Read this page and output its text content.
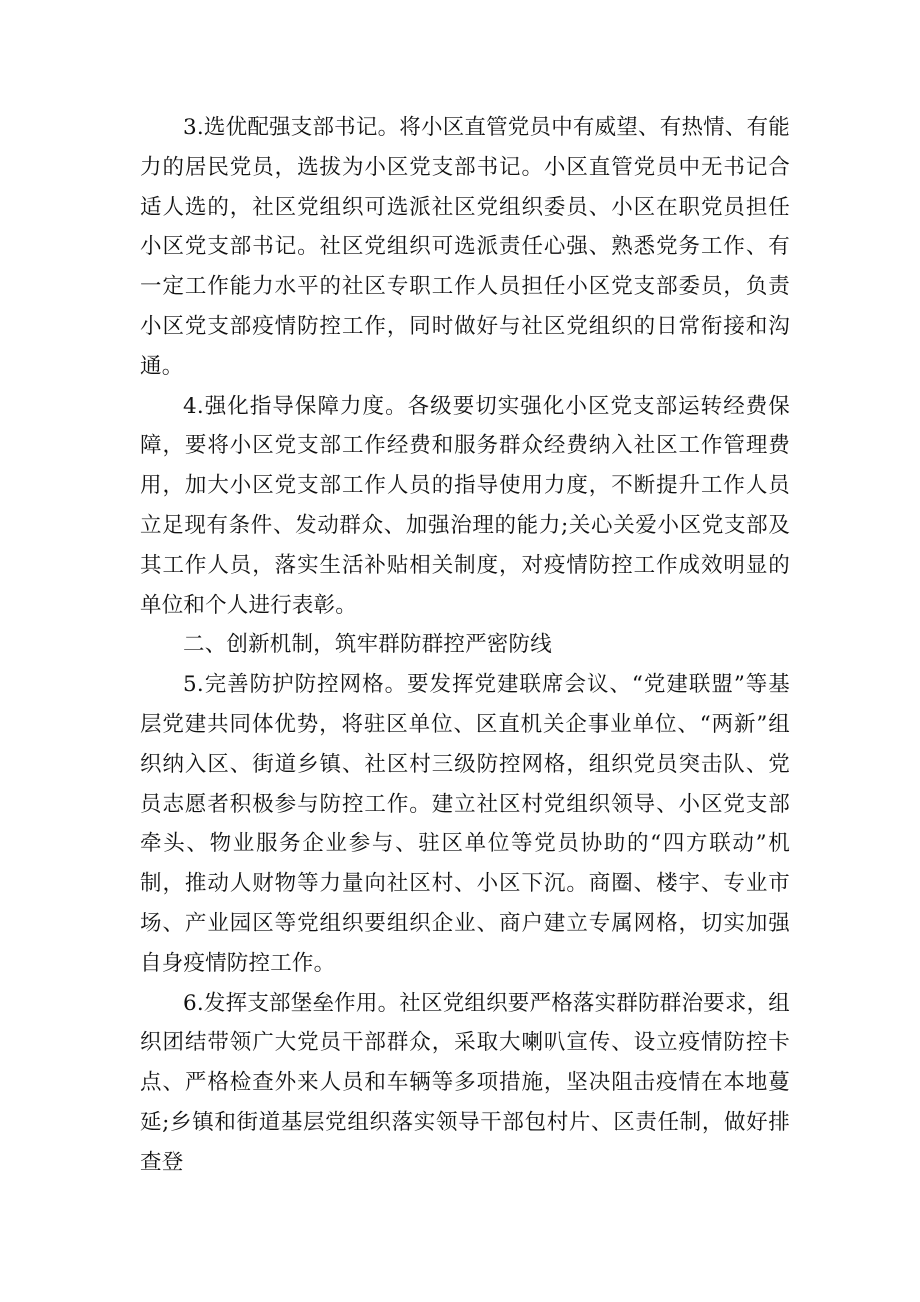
3.选优配强支部书记。将小区直管党员中有威望、有热情、有能力的居民党员，选拔为小区党支部书记。小区直管党员中无书记合适人选的，社区党组织可选派社区党组织委员、小区在职党员担任小区党支部书记。社区党组织可选派责任心强、熟悉党务工作、有一定工作能力水平的社区专职工作人员担任小区党支部委员，负责小区党支部疫情防控工作，同时做好与社区党组织的日常衔接和沟通。

4.强化指导保障力度。各级要切实强化小区党支部运转经费保障，要将小区党支部工作经费和服务群众经费纳入社区工作管理费用，加大小区党支部工作人员的指导使用力度，不断提升工作人员立足现有条件、发动群众、加强治理的能力;关心关爱小区党支部及其工作人员，落实生活补贴相关制度，对疫情防控工作成效明显的单位和个人进行表彰。

二、创新机制，筑牢群防群控严密防线

5.完善防护防控网格。要发挥党建联席会议、“党建联盟”等基层党建共同体优势，将驻区单位、区直机关企事业单位、“两新”组织纳入区、街道乡镇、社区村三级防控网格，组织党员突击队、党员志愿者积极参与防控工作。建立社区村党组织领导、小区党支部牵头、物业服务企业参与、驻区单位等党员协助的“四方联动”机制，推动人财物等力量向社区村、小区下沉。商圈、楼宇、专业市场、产业园区等党组织要组织企业、商户建立专属网格，切实加强自身疫情防控工作。

6.发挥支部堡垒作用。社区党组织要严格落实群防群治要求，组织团结带领广大党员干部群众，采取大喇叭宣传、设立疫情防控卡点、严格检查外来人员和车辆等多项措施，坚决阻击疫情在本地蔓延;乡镇和街道基层党组织落实领导干部包村片、区责任制，做好排查登
